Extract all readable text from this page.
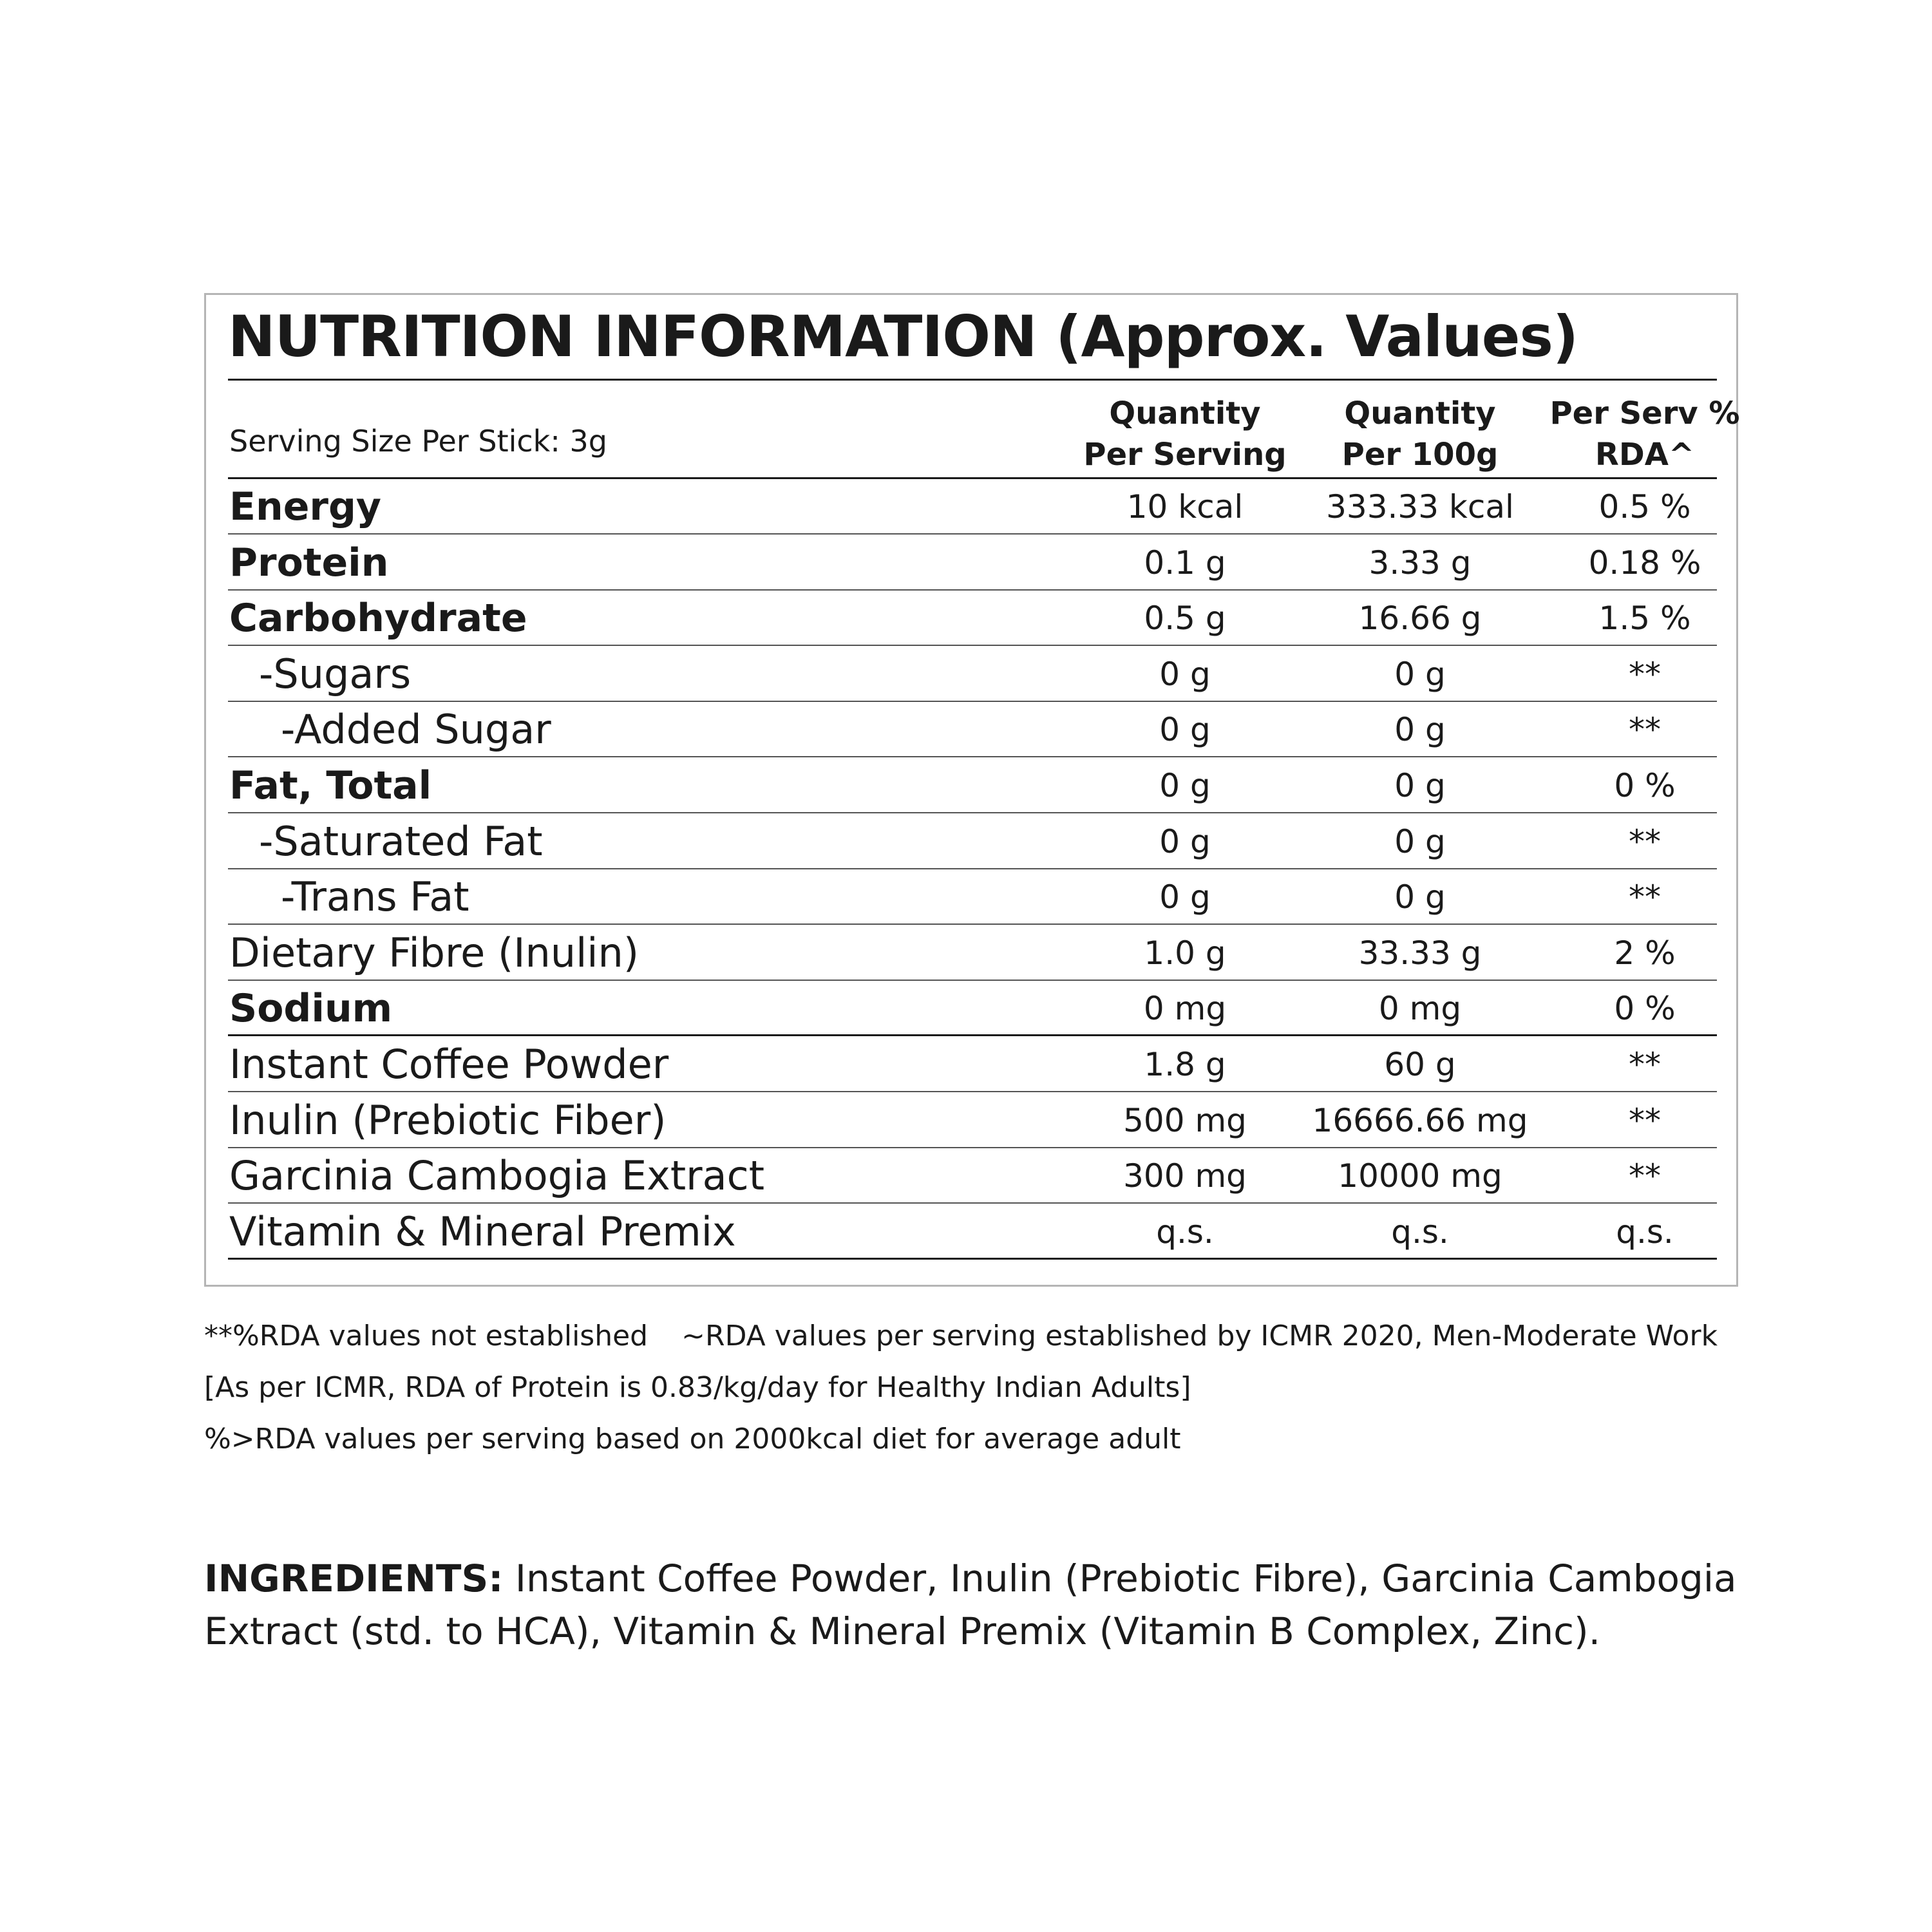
NUTRITION INFORMATION (Approx. Values)
Serving Size Per Stick: 3g
Quantity
Per Serving
Quantity
Per 100g
Per Serv %
RDA^
Energy	10 kcal	333.33 kcal	0.5 %
Protein	0.1 g	3.33 g	0.18 %
Carbohydrate	0.5 g	16.66 g	1.5 %
-Sugars	0 g	0 g	**
-Added Sugar	0 g	0 g	**
Fat, Total	0 g	0 g	0 %
-Saturated Fat	0 g	0 g	**
-Trans Fat	0 g	0 g	**
Dietary Fibre (Inulin)	1.0 g	33.33 g	2 %
Sodium	0 mg	0 mg	0 %
Instant Coffee Powder	1.8 g	60 g	**
Inulin (Prebiotic Fiber)	500 mg	16666.66 mg	**
Garcinia Cambogia Extract	300 mg	10000 mg	**
Vitamin & Mineral Premix	q.s.	q.s.	q.s.
**%RDA values not established ~RDA values per serving established by ICMR 2020, Men-Moderate Work
[As per ICMR, RDA of Protein is 0.83/kg/day for Healthy Indian Adults]
%>RDA values per serving based on 2000kcal diet for average adult
INGREDIENTS: Instant Coffee Powder, Inulin (Prebiotic Fibre), Garcinia Cambogia Extract (std. to HCA), Vitamin & Mineral Premix (Vitamin B Complex, Zinc).
